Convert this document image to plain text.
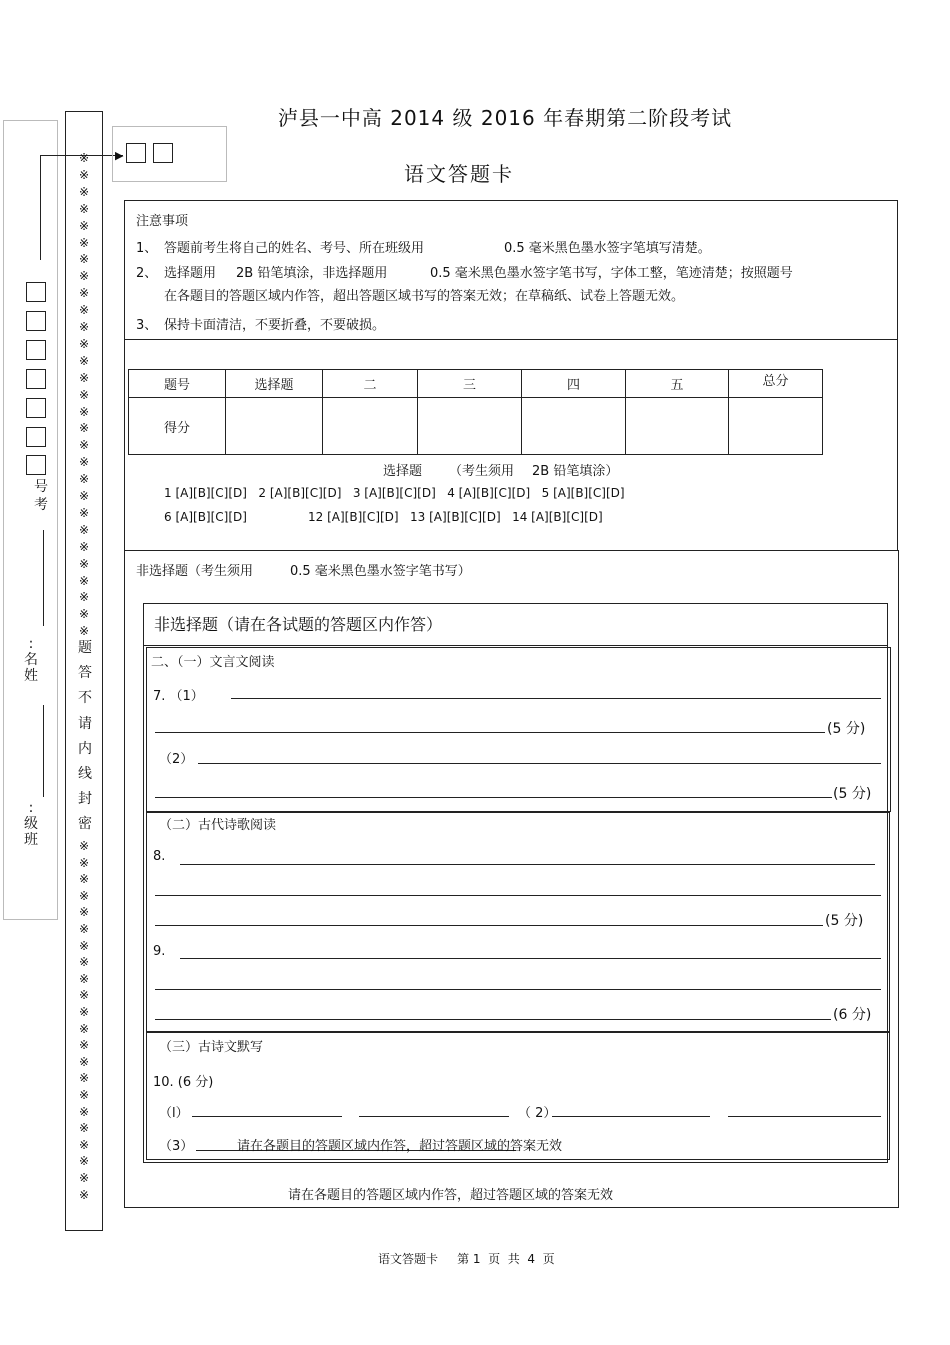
泸县一中高 2014 级 2016 年春期第二阶段考试
语文答题卡
▶
号
考
:
名
姓
:
级
班
※
※
※
※
※
※
※
※
※
※
※
※
※
※
※
※
※
※
※
※
※
※
※
※
※
※
※
※
※
题
答
不
请
内
线
封
密
※
※
※
※
※
※
※
※
※
※
※
※
※
※
※
※
※
※
※
※
※
※
注意事项
1、 答题前考生将自己的姓名、考号、所在班级用	0.5 毫米黑色墨水签字笔填写清楚。
2、 选择题用 2B 铅笔填涂，非选择题用	0.5 毫米黑色墨水签字笔书写，字体工整，笔迹清楚；按照题号
在各题目的答题区域内作答，超出答题区域书写的答案无效；在草稿纸、试卷上答题无效。
3、 保持卡面清洁，不要折叠，不要破损。
题号	选择题	二	三	四	五	总分
得分						
选择题 （考生须用 2B 铅笔填涂）
1 [A][B][C][D]   2 [A][B][C][D]   3 [A][B][C][D]   4 [A][B][C][D]   5 [A][B][C][D]
6 [A][B][C][D]	12 [A][B][C][D]   13 [A][B][C][D]   14 [A][B][C][D]
非选择题（考生须用	0.5 毫米黑色墨水签字笔书写）
非选择题（请在各试题的答题区内作答）
二、（一）文言文阅读
7. （1）
(5 分)
（2）
(5 分)
（二）古代诗歌阅读
8.
(5 分)
9.
(6 分)
（三）古诗文默写
10. (6 分)
（l）	（ 2）
（3）	请在各题目的答题区域内作答，超过答题区域的答案无效
请在各题目的答题区域内作答，超过答题区域的答案无效
语文答题卡     第 1  页  共  4  页
